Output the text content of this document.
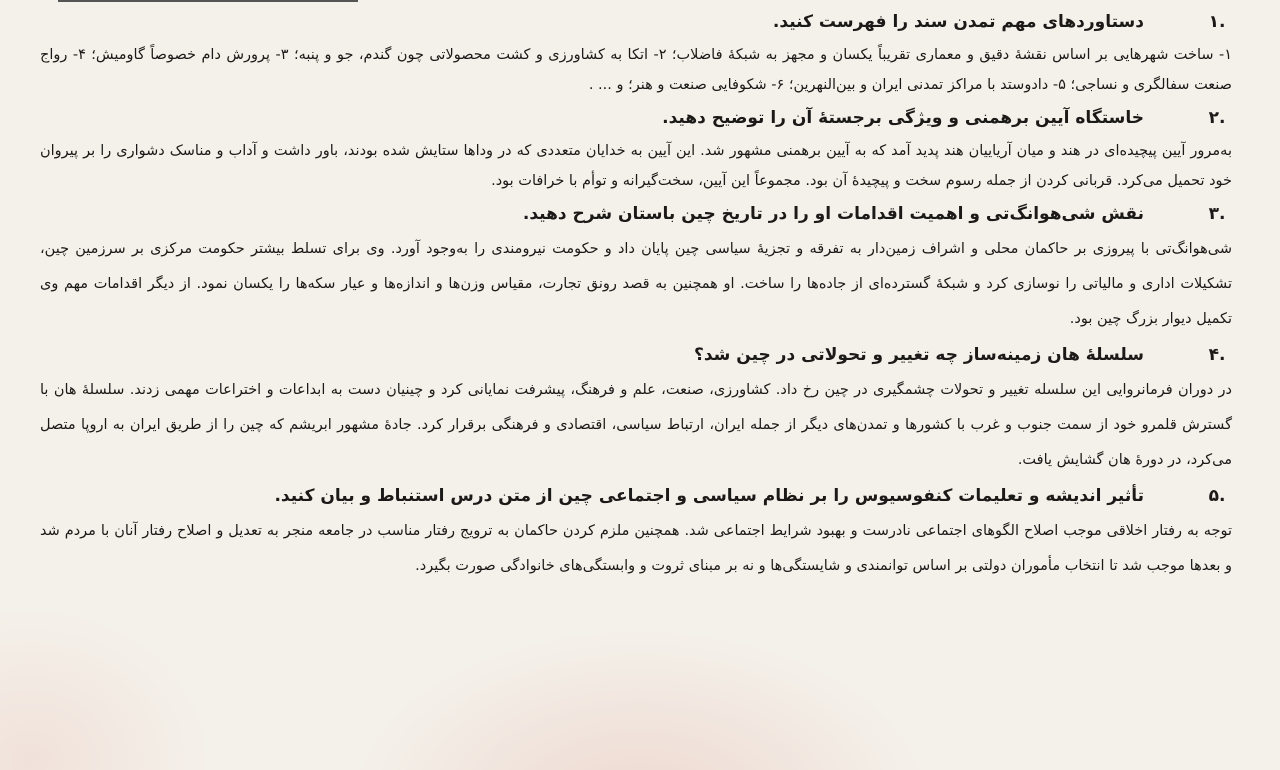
۱.
دستاوردهای مهم تمدن سند را فهرست کنید.

۱- ساخت شهرهایی بر اساس نقشهٔ دقیق و معماری تقریباً یکسان و مجهز به شبکهٔ فاضلاب؛ ۲- اتکا به کشاورزی و کشت محصولاتی چون گندم، جو و پنبه؛ ۳- پرورش دام خصوصاً گاومیش؛ ۴- رواج صنعت سفالگری و نساجی؛ ۵- دادوستد با مراکز تمدنی ایران و بین‌النهرین؛ ۶- شکوفایی صنعت و هنر؛ و ... .

۲.
خاستگاه آیین برهمنی و ویژگی برجستهٔ آن را توضیح دهید.

به‌مرور آیین پیچیده‌ای در هند و میان آریاییان هند پدید آمد که به آیین برهمنی مشهور شد. این آیین به خدایان متعددی که در وداها ستایش شده بودند، باور داشت و آداب و مناسک دشواری را بر پیروان خود تحمیل می‌کرد. قربانی کردن از جمله رسوم سخت و پیچیدهٔ آن بود. مجموعاً این آیین، سخت‌گیرانه و توأم با خرافات بود.

۳.
نقش شی‌هوانگ‌تی و اهمیت اقدامات او را در تاریخ چین باستان شرح دهید.

شی‌هوانگ‌تی با پیروزی بر حاکمان محلی و اشراف زمین‌دار به تفرقه و تجزیهٔ سیاسی چین پایان داد و حکومت نیرومندی را به‌وجود آورد. وی برای تسلط بیشتر حکومت مرکزی بر سرزمین چین، تشکیلات اداری و مالیاتی را نوسازی کرد و شبکهٔ گسترده‌ای از جاده‌ها را ساخت. او همچنین به قصد رونق تجارت، مقیاس وزن‌ها و اندازه‌ها و عیار سکه‌ها را یکسان نمود. از دیگر اقدامات مهم وی تکمیل دیوار بزرگ چین بود.

۴.
سلسلهٔ هان زمینه‌ساز چه تغییر و تحولاتی در چین شد؟

در دوران فرمانروایی این سلسله تغییر و تحولات چشمگیری در چین رخ داد. کشاورزی، صنعت، علم و فرهنگ، پیشرفت نمایانی کرد و چینیان دست به ابداعات و اختراعات مهمی زدند. سلسلهٔ هان با گسترش قلمرو خود از سمت جنوب و غرب با کشورها و تمدن‌های دیگر از جمله ایران، ارتباط سیاسی، اقتصادی و فرهنگی برقرار کرد. جادهٔ مشهور ابریشم که چین را از طریق ایران به اروپا متصل می‌کرد، در دورهٔ هان گشایش یافت.

۵.
تأثیر اندیشه و تعلیمات کنفوسیوس را بر نظام سیاسی و اجتماعی چین از متن درس استنباط و بیان کنید.

توجه به رفتار اخلاقی موجب اصلاح الگوهای اجتماعی نادرست و بهبود شرایط اجتماعی شد. همچنین ملزم کردن حاکمان به ترویج رفتار مناسب در جامعه منجر به تعدیل و اصلاح رفتار آنان با مردم شد و بعدها موجب شد تا انتخاب مأموران دولتی بر اساس توانمندی و شایستگی‌ها و نه بر مبنای ثروت و وابستگی‌های خانوادگی صورت بگیرد.
